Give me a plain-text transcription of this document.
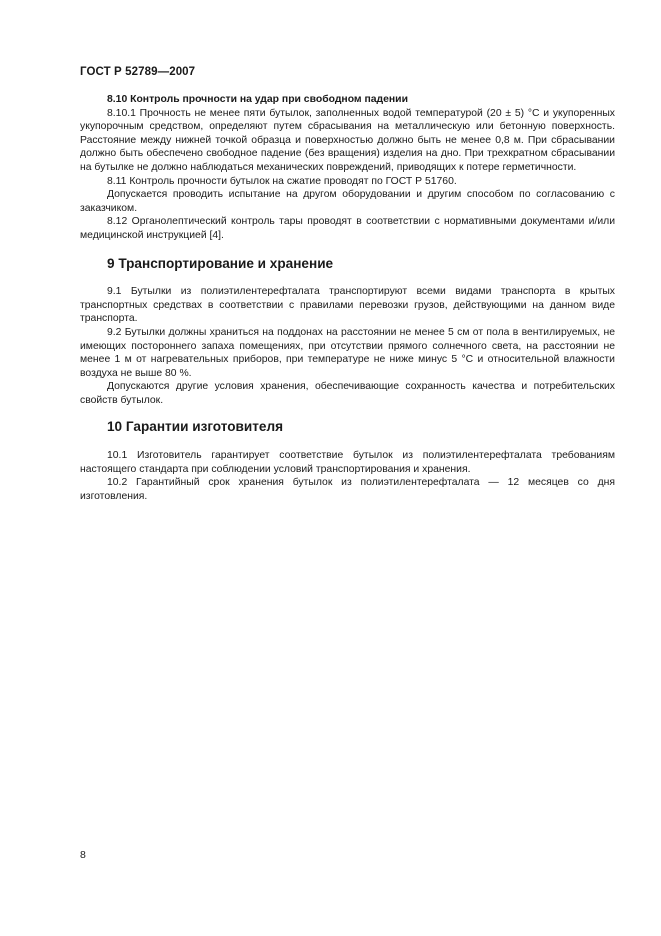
ГОСТ Р 52789—2007

8.10 Контроль прочности на удар при свободном падении

8.10.1 Прочность не менее пяти бутылок, заполненных водой температурой (20 ± 5) °C и укупоренных укупорочным средством, определяют путем сбрасывания на металлическую или бетонную поверхность. Расстояние между нижней точкой образца и поверхностью должно быть не менее 0,8 м. При сбрасывании должно быть обеспечено свободное падение (без вращения) изделия на дно. При трехкратном сбрасывании на бутылке не должно наблюдаться механических повреждений, приводящих к потере герметичности.

8.11 Контроль прочности бутылок на сжатие проводят по ГОСТ Р 51760.

Допускается проводить испытание на другом оборудовании и другим способом по согласованию с заказчиком.

8.12 Органолептический контроль тары проводят в соответствии с нормативными документами и/или медицинской инструкцией [4].

9 Транспортирование и хранение

9.1 Бутылки из полиэтилентерефталата транспортируют всеми видами транспорта в крытых транспортных средствах в соответствии с правилами перевозки грузов, действующими на данном виде транспорта.

9.2 Бутылки должны храниться на поддонах на расстоянии не менее 5 см от пола в вентилируемых, не имеющих постороннего запаха помещениях, при отсутствии прямого солнечного света, на расстоянии не менее 1 м от нагревательных приборов, при температуре не ниже минус 5 °C и относительной влажности воздуха не выше 80 %.

Допускаются другие условия хранения, обеспечивающие сохранность качества и потребительских свойств бутылок.

10 Гарантии изготовителя

10.1 Изготовитель гарантирует соответствие бутылок из полиэтилентерефталата требованиям настоящего стандарта при соблюдении условий транспортирования и хранения.

10.2 Гарантийный срок хранения бутылок из полиэтилентерефталата — 12 месяцев со дня изготовления.

8
